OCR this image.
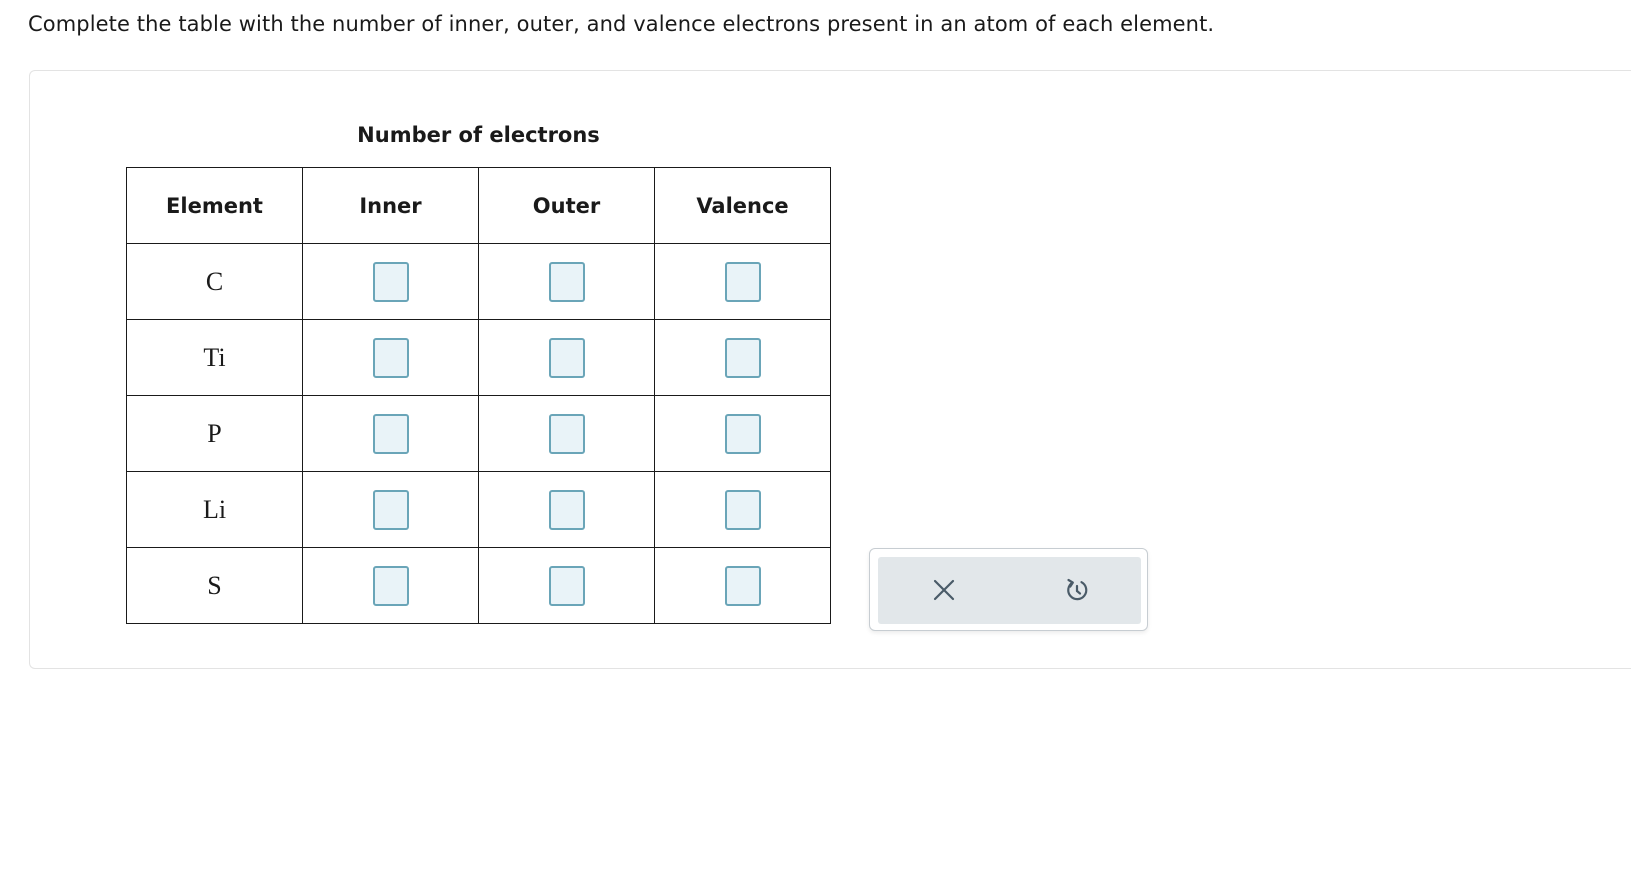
Complete the table with the number of inner, outer, and valence electrons present in an atom of each element.
Number of electrons
Element	Inner	Outer	Valence
C			
Ti			
P			
Li			
S			
